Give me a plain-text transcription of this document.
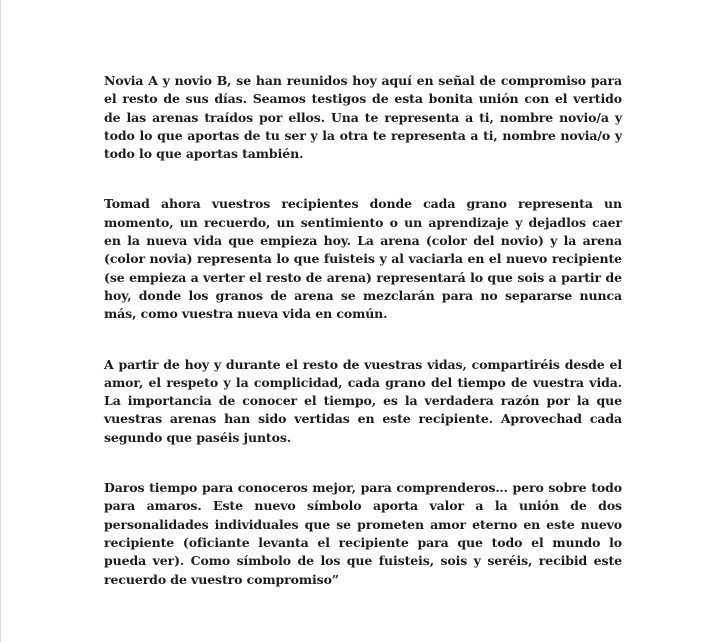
Novia A y novio B, se han reunidos hoy aquí en señal de compromiso para el resto de sus días. Seamos testigos de esta bonita unión con el vertido de las arenas traídos por ellos. Una te representa a ti, nombre novio/a y todo lo que aportas de tu ser y la otra te representa a ti, nombre novia/o y todo lo que aportas también.

Tomad ahora vuestros recipientes donde cada grano representa un momento, un recuerdo, un sentimiento o un aprendizaje y dejadlos caer en la nueva vida que empieza hoy. La arena (color del novio) y la arena (color novia) representa lo que fuisteis y al vaciarla en el nuevo recipiente (se empieza a verter el resto de arena) representará lo que sois a partir de hoy, donde los granos de arena se mezclarán para no separarse nunca más, como vuestra nueva vida en común.

A partir de hoy y durante el resto de vuestras vidas, compartiréis desde el amor, el respeto y la complicidad, cada grano del tiempo de vuestra vida. La importancia de conocer el tiempo, es la verdadera razón por la que vuestras arenas han sido vertidas en este recipiente. Aprovechad cada segundo que paséis juntos.

Daros tiempo para conoceros mejor, para comprenderos… pero sobre todo para amaros. Este nuevo símbolo aporta valor a la unión de dos personalidades individuales que se prometen amor eterno en este nuevo recipiente (oficiante levanta el recipiente para que todo el mundo lo pueda ver). Como símbolo de los que fuisteis, sois y seréis, recibid este recuerdo de vuestro compromiso”
